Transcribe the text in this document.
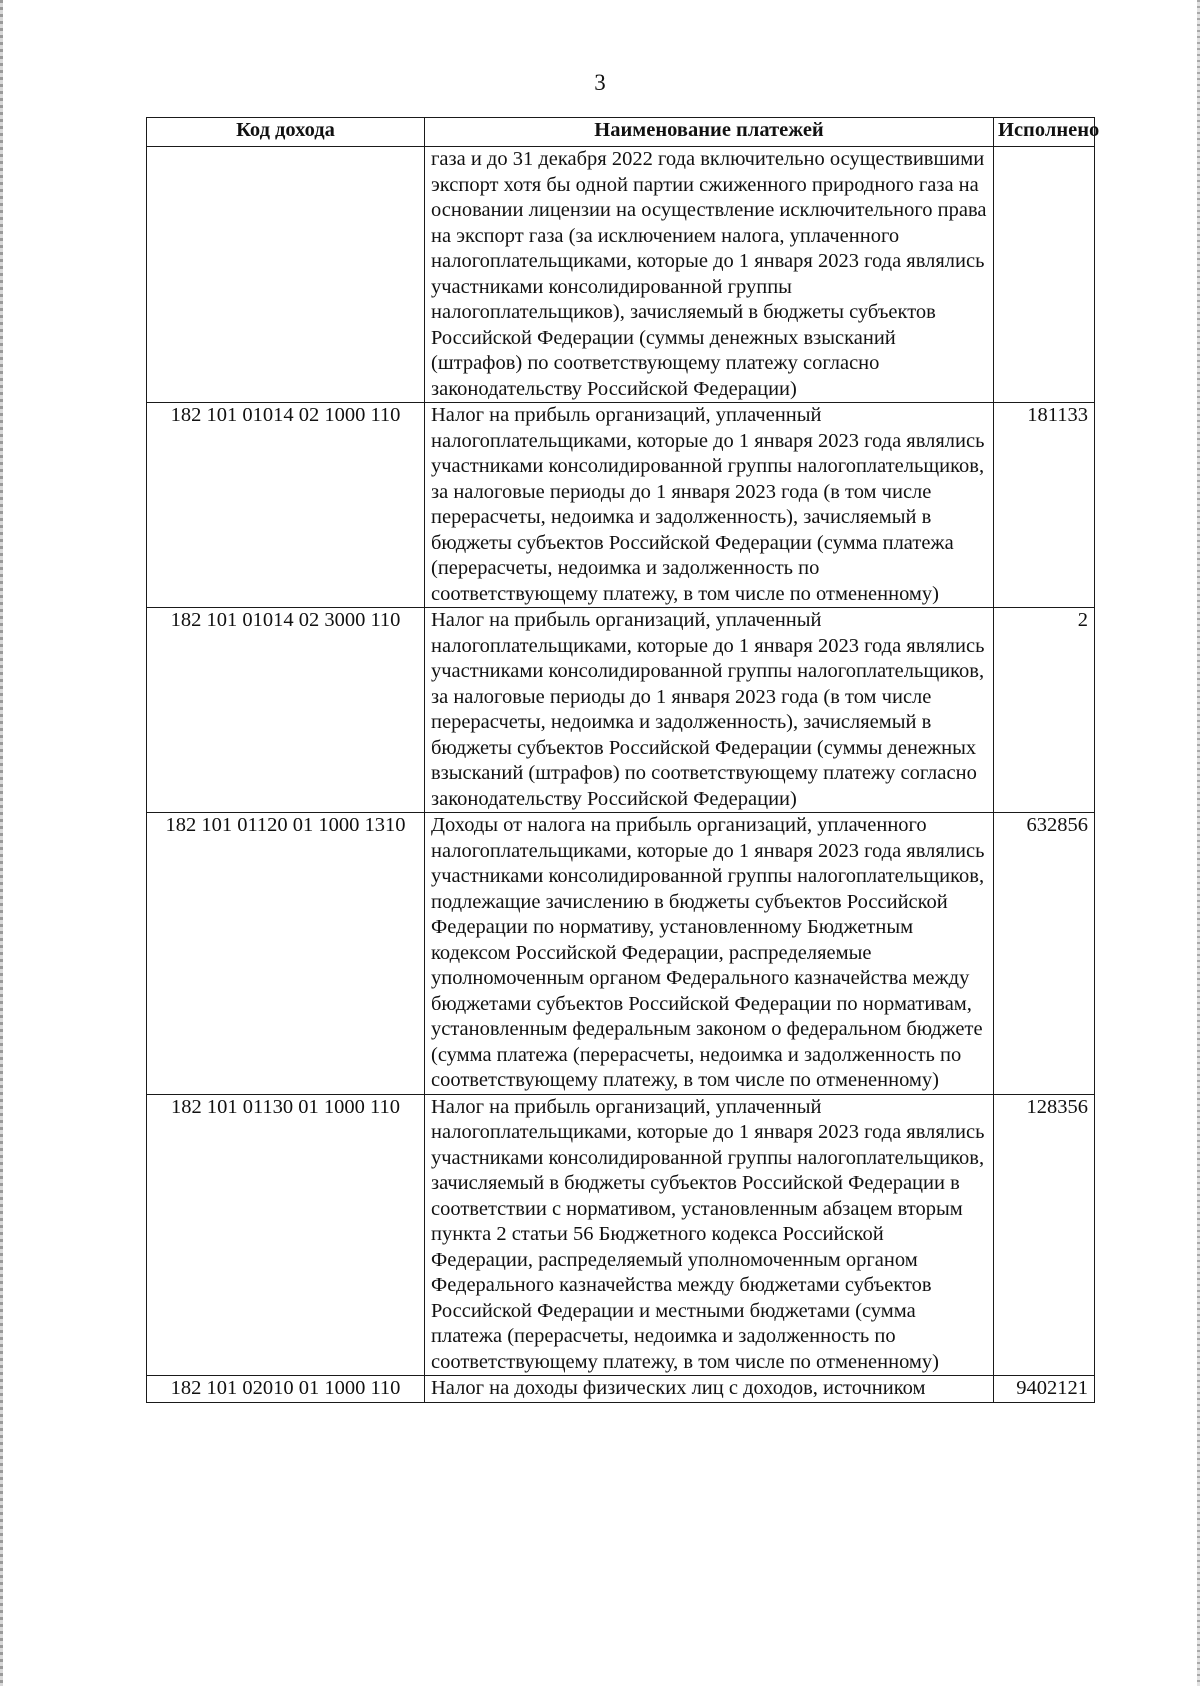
3
Код дохода	Наименование платежей	Исполнено
	газа и до 31 декабря 2022 года включительно осуществившими экспорт хотя бы одной партии сжиженного природного газа на основании лицензии на осуществление исключительного права на экспорт газа (за исключением налога, уплаченного налогоплательщиками, которые до 1 января 2023 года являлись участниками консолидированной группы налогоплательщиков), зачисляемый в бюджеты субъектов Российской Федерации (суммы денежных взысканий (штрафов) по соответствующему платежу согласно законодательству Российской Федерации)	
182 101 01014 02 1000 110	Налог на прибыль организаций, уплаченный налогоплательщиками, которые до 1 января 2023 года являлись участниками консолидированной группы налогоплательщиков, за налоговые периоды до 1 января 2023 года (в том числе перерасчеты, недоимка и задолженность), зачисляемый в бюджеты субъектов Российской Федерации (сумма платежа (перерасчеты, недоимка и задолженность по соответствующему платежу, в том числе по отмененному)	181133
182 101 01014 02 3000 110	Налог на прибыль организаций, уплаченный налогоплательщиками, которые до 1 января 2023 года являлись участниками консолидированной группы налогоплательщиков, за налоговые периоды до 1 января 2023 года (в том числе перерасчеты, недоимка и задолженность), зачисляемый в бюджеты субъектов Российской Федерации (суммы денежных взысканий (штрафов) по соответствующему платежу согласно законодательству Российской Федерации)	2
182 101 01120 01 1000 1310	Доходы от налога на прибыль организаций, уплаченного налогоплательщиками, которые до 1 января 2023 года являлись участниками консолидированной группы налогоплательщиков, подлежащие зачислению в бюджеты субъектов Российской Федерации по нормативу, установленному Бюджетным кодексом Российской Федерации, распределяемые уполномоченным органом Федерального казначейства между бюджетами субъектов Российской Федерации по нормативам, установленным федеральным законом о федеральном бюджете (сумма платежа (перерасчеты, недоимка и задолженность по соответствующему платежу, в том числе по отмененному)	632856
182 101 01130 01 1000 110	Налог на прибыль организаций, уплаченный налогоплательщиками, которые до 1 января 2023 года являлись участниками консолидированной группы налогоплательщиков, зачисляемый в бюджеты субъектов Российской Федерации в соответствии с нормативом, установленным абзацем вторым пункта 2 статьи 56 Бюджетного кодекса Российской Федерации, распределяемый уполномоченным органом Федерального казначейства между бюджетами субъектов Российской Федерации и местными бюджетами (сумма платежа (перерасчеты, недоимка и задолженность по соответствующему платежу, в том числе по отмененному)	128356
182 101 02010 01 1000 110	Налог на доходы физических лиц с доходов, источником	9402121
